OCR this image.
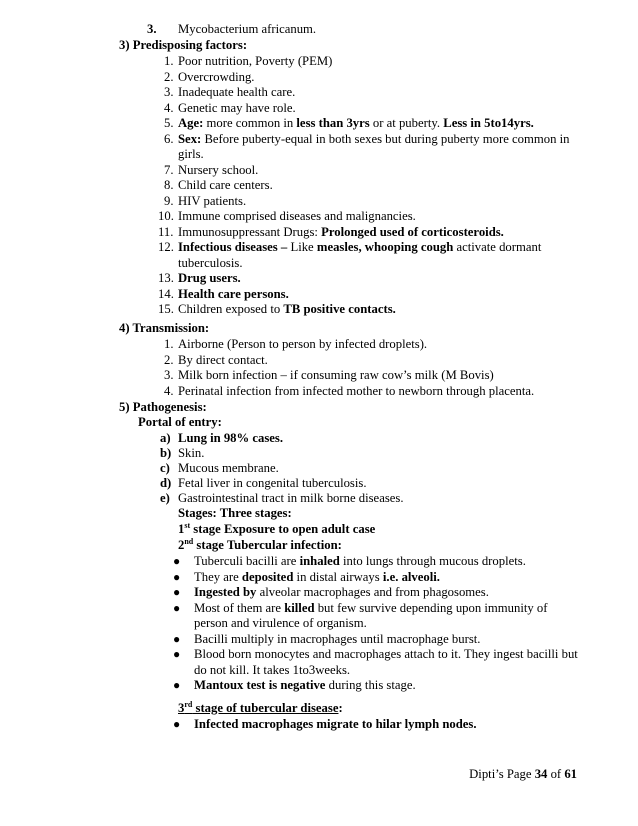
3. Mycobacterium africanum.
3) Predisposing factors:
1. Poor nutrition, Poverty (PEM)
2. Overcrowding.
3. Inadequate health care.
4. Genetic may have role.
5. Age: more common in less than 3yrs or at puberty. Less in 5to14yrs.
6. Sex: Before puberty-equal in both sexes but during puberty more common in
girls.
7. Nursery school.
8. Child care centers.
9. HIV patients.
10. Immune comprised diseases and malignancies.
11. Immunosuppressant Drugs: Prolonged used of corticosteroids.
12. Infectious diseases – Like measles, whooping cough activate dormant
tuberculosis.
13. Drug users.
14. Health care persons.
15. Children exposed to TB positive contacts.
4) Transmission:
1. Airborne (Person to person by infected droplets).
2. By direct contact.
3. Milk born infection – if consuming raw cow’s milk (M Bovis)
4. Perinatal infection from infected mother to newborn through placenta.
5) Pathogenesis:
Portal of entry:
a) Lung in 98% cases.
b) Skin.
c) Mucous membrane.
d) Fetal liver in congenital tuberculosis.
e) Gastrointestinal tract in milk borne diseases.
Stages: Three stages:
1st stage Exposure to open adult case
2nd stage Tubercular infection:
● Tuberculi bacilli are inhaled into lungs through mucous droplets.
● They are deposited in distal airways i.e. alveoli.
● Ingested by alveolar macrophages and from phagosomes.
● Most of them are killed but few survive depending upon immunity of
person and virulence of organism.
● Bacilli multiply in macrophages until macrophage burst.
● Blood born monocytes and macrophages attach to it. They ingest bacilli but
do not kill. It takes 1to3weeks.
● Mantoux test is negative during this stage.
3rd stage of tubercular disease:
● Infected macrophages migrate to hilar lymph nodes.
Dipti’s Page 34 of 61
